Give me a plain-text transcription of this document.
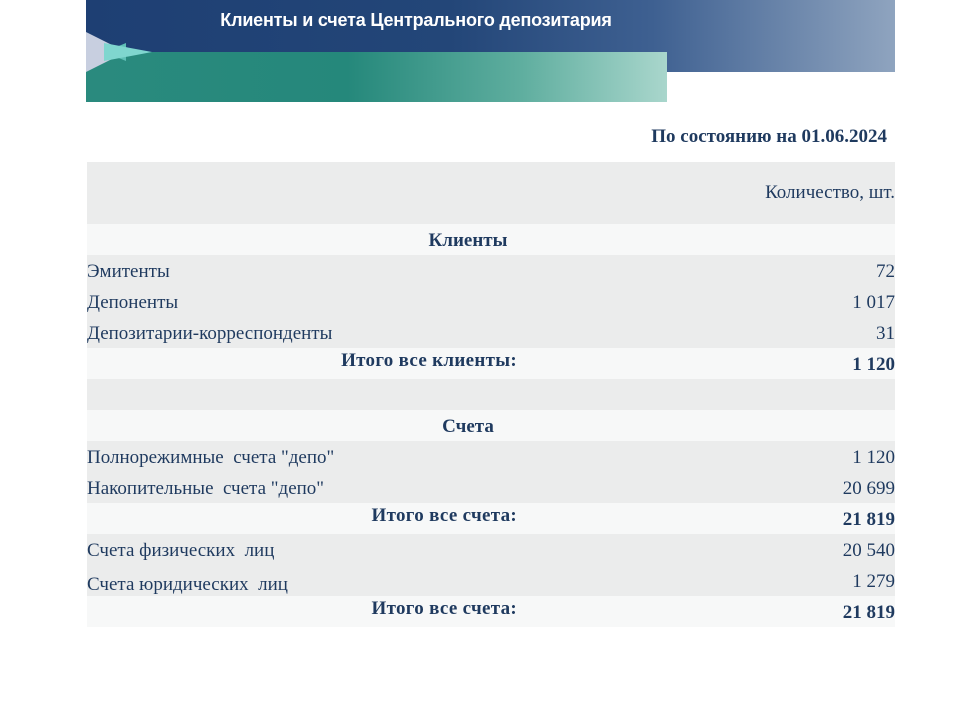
Клиенты и счета Центрального депозитария
По состоянию на 01.06.2024
Количество, шт.
Клиенты
Эмитенты	72
Депоненты	1 017
Депозитарии-корреспонденты	31
Итого все клиенты:	1 120
Счета
Полнорежимные  счета "депо"	1 120
Накопительные  счета "депо"	20 699
Итого все счета:	21 819
Счета физических  лиц	20 540
Счета юридических  лиц	1 279
Итого все счета:	21 819
